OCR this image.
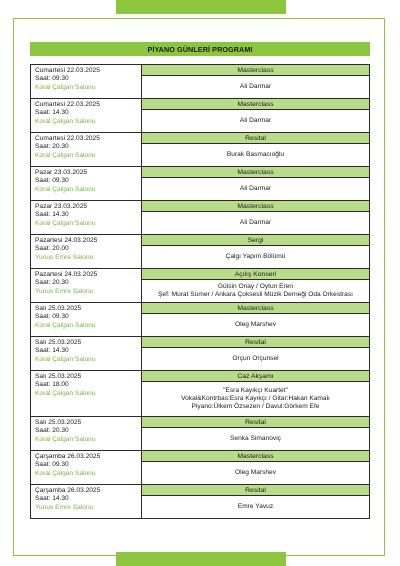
PİYANO GÜNLERİ PROGRAMI
Cumartesi 22.03.2025
Saat: 09.30
Koral Çalgan Salonu
Masterclass
Ali Darmar
Cumartesi 22.03.2025
Saat: 14.30
Koral Çalgan Salonu
Masterclass
Ali Darmar
Cumartesi 22.03.2025
Saat: 20.30
Koral Çalgan Salonu
Resital
Burak Basmacıoğlu
Pazar 23.03.2025
Saat: 09.30
Koral Çalgan Salonu
Masterclass
Ali Darmar
Pazar 23.03.2025
Saat: 14.30
Koral Çalgan Salonu
Masterclass
Ali Darmar
Pazartesi 24.03.2025
Saat: 20.00
Yunus Emre Salonu
Sergi
Çalgı Yapım Bölümü
Pazartesi 24.03.2025
Saat: 20.30
Yunus Emre Salonu
Açılış Konseri
Gülsin Onay / Oytun Eren
Şef: Murat Sümer / Ankara Çoksesli Müzik Derneği Oda Orkestrası
Salı 25.03.2025
Saat: 09.30
Koral Çalgan Salonu
Masterclass
Oleg Marshev
Salı 25.03.2025
Saat: 14.30
Koral Çalgan Salonu
Resital
Orçun Orçunsel
Salı 25.03.2025
Saat: 18.00
Koral Çalgan Salonu
Caz Akşamı
"Esra Kayıkçı Kuartet"
Vokal&Kontrbas:Esra Kayıkçı / Gitar:Hakan Kamalı
Piyano:Ülkem Özsezen / Davul:Görkem Efe
Salı 25.03.2025
Saat: 20.30
Koral Çalgan Salonu
Resital
Senka Simanoviç
Çarşamba 26.03.2025
Saat: 09.30
Koral Çalgan Salonu
Masterclass
Oleg Marshev
Çarşamba 26.03.2025
Saat: 14.30
Yunus Emre Salonu
Resital
Emre Yavuz
